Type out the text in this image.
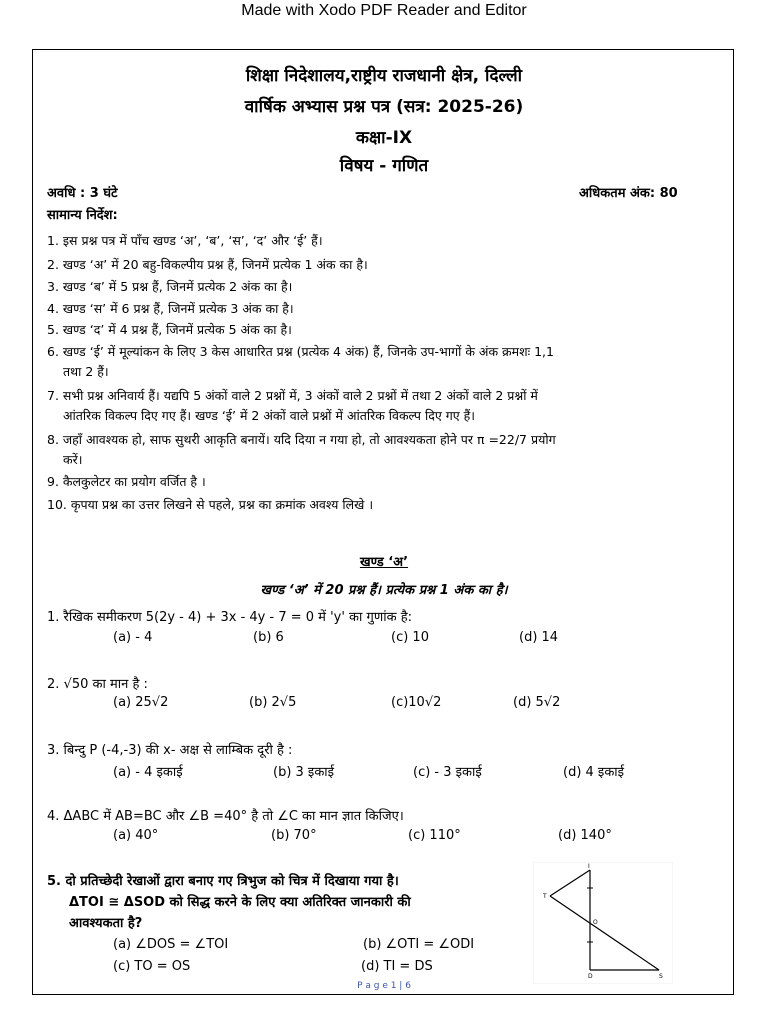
Made with Xodo PDF Reader and Editor
शिक्षा निदेशालय,राष्ट्रीय राजधानी क्षेत्र, दिल्ली
वार्षिक अभ्यास प्रश्न पत्र (सत्र: 2025-26)
कक्षा-IX
विषय - गणित
अवधि : 3 घंटे	अधिकतम अंक: 80
सामान्य निर्देश:
1. इस प्रश्न पत्र में पाँच खण्ड ‘अ’, ‘ब’, ‘स’, ‘द’ और ‘ई’ हैं।
2. खण्ड ‘अ’ में 20 बहु-विकल्पीय प्रश्न हैं, जिनमें प्रत्येक 1 अंक का है।
3. खण्ड ‘ब’ में 5 प्रश्न हैं, जिनमें प्रत्येक 2 अंक का है।
4. खण्ड ‘स’ में 6 प्रश्न हैं, जिनमें प्रत्येक 3 अंक का है।
5. खण्ड ‘द’ में 4 प्रश्न हैं, जिनमें प्रत्येक 5 अंक का है।
6. खण्ड ‘ई’ में मूल्यांकन के लिए 3 केस आधारित प्रश्न (प्रत्येक 4 अंक) हैं, जिनके उप-भागों के अंक क्रमशः 1,1
तथा 2 हैं।
7. सभी प्रश्न अनिवार्य हैं। यद्यपि 5 अंकों वाले 2 प्रश्नों में, 3 अंकों वाले 2 प्रश्नों में तथा 2 अंकों वाले 2 प्रश्नों में
आंतरिक विकल्प दिए गए हैं। खण्ड ‘ई’ में 2 अंकों वाले प्रश्नों में आंतरिक विकल्प दिए गए हैं।
8. जहाँ आवश्यक हो, साफ सुथरी आकृति बनायें। यदि दिया न गया हो, तो आवश्यकता होने पर π =22/7 प्रयोग
करें।
9. कैलकुलेटर का प्रयोग वर्जित है ।
10. कृपया प्रश्न का उत्तर लिखने से पहले, प्रश्न का क्रमांक अवश्य लिखे ।
खण्ड ‘अ’
खण्ड ‘अ’ में 20 प्रश्न हैं। प्रत्येक प्रश्न 1 अंक का है।
1. रैखिक समीकरण 5(2y - 4) + 3x - 4y - 7 = 0 में 'y' का गुणांक है:
(a) - 4	(b) 6	(c) 10	(d) 14
2. √50 का मान है :
(a) 25√2	(b) 2√5	(c)10√2	(d) 5√2
3. बिन्दु P (-4,-3) की x- अक्ष से लाम्बिक दूरी है :
(a) - 4 इकाई	(b) 3 इकाई	(c) - 3 इकाई	(d) 4 इकाई
4. ΔABC में AB=BC और ∠B =40° है तो ∠C का मान ज्ञात किजिए।
(a) 40°	(b) 70°	(c) 110°	(d) 140°
5. दो प्रतिच्छेदी रेखाओं द्वारा बनाए गए त्रिभुज को चित्र में दिखाया गया है।
ΔTOI ≅ ΔSOD को सिद्ध करने के लिए क्या अतिरिक्त जानकारी की
आवश्यकता है?
(a) ∠DOS = ∠TOI	(b) ∠OTI = ∠ODI
(c) TO = OS	(d) TI = DS
I
T
O
D	S
P a g e 1 | 6
